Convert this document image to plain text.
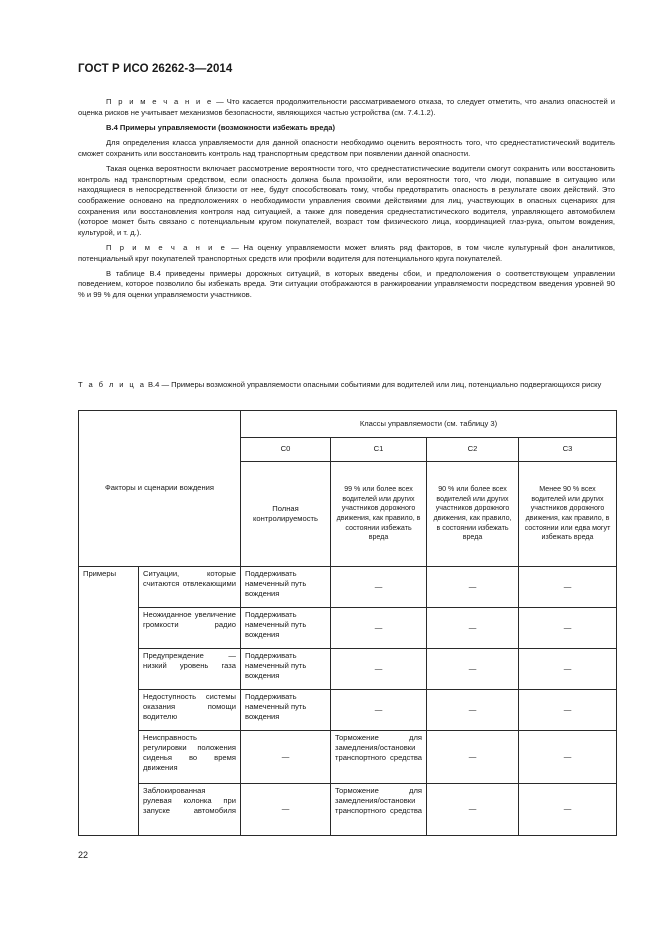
ГОСТ Р ИСО 26262-3—2014

П р и м е ч а н и е — Что касается продолжительности рассматриваемого отказа, то следует отметить, что анализ опасностей и оценка рисков не учитывает механизмов безопасности, являющихся частью устройства (см. 7.4.1.2).

В.4 Примеры управляемости (возможности избежать вреда)

Для определения класса управляемости для данной опасности необходимо оценить вероятность того, что среднестатистический водитель сможет сохранить или восстановить контроль над транспортным средством при появлении данной опасности.

Такая оценка вероятности включает рассмотрение вероятности того, что среднестатистические водители смогут сохранить или восстановить контроль над транспортным средством, если опасность должна была произойти, или вероятности того, что люди, попавшие в ситуацию или находящиеся в непосредственной близости от нее, будут способствовать тому, чтобы предотвратить опасность в результате своих действий. Это соображение основано на предположениях о необходимости управления своими действиями для лиц, участвующих в опасных сценариях для сохранения или восстановления контроля над ситуацией, а также для поведения среднестатистического водителя, управляющего автомобилем (которое может быть связано с потенциальным кругом покупателей, возраст том физического лица, координацией глаз-рука, опытом вождения, культурой, и т. д.).

П р и м е ч а н и е — На оценку управляемости может влиять ряд факторов, в том числе культурный фон аналитиков, потенциальный круг покупателей транспортных средств или профили водителя для потенциального круга покупателей.

В таблице В.4 приведены примеры дорожных ситуаций, в которых введены сбои, и предположения о соответствующем управлении поведением, которое позволило бы избежать вреда. Эти ситуации отображаются в ранжировании управляемости посредством введения уровней 90 % и 99 % для оценки управляемости участников.

Т а б л и ц а В.4 — Примеры возможной управляемости опасными событиями для водителей или лиц, потенциально подвергающихся риску
Факторы и сценарии вождения		Классы управляемости (см. таблицу 3)			
		С0	С1	С2	С3
		Полная контролируемость	99 % или более всех водителей или других участников дорожного движения, как правило, в состоянии избежать вреда	90 % или более всех водителей или других участников дорожного движения, как правило, в состоянии избежать вреда	Менее 90 % всех водителей или других участников дорожного движения, как правило, в состоянии или едва могут избежать вреда
Примеры	Ситуации, которые считаются отвлекающими	Поддерживать намеченный путь вождения	—	—	—
	Неожиданное увеличение громкости радио	Поддерживать намеченный путь вождения	—	—	—
	Предупреждение — низкий уровень газа	Поддерживать намеченный путь вождения	—	—	—
	Недоступность системы оказания помощи водителю	Поддерживать намеченный путь вождения	—	—	—
	Неисправность регулировки положения сиденья во время движения	—	Торможение для замедления/остановки транспортного средства	—	—
	Заблокированная рулевая колонка при запуске автомобиля	—	Торможение для замедления/остановки транспортного средства	—	—
22
